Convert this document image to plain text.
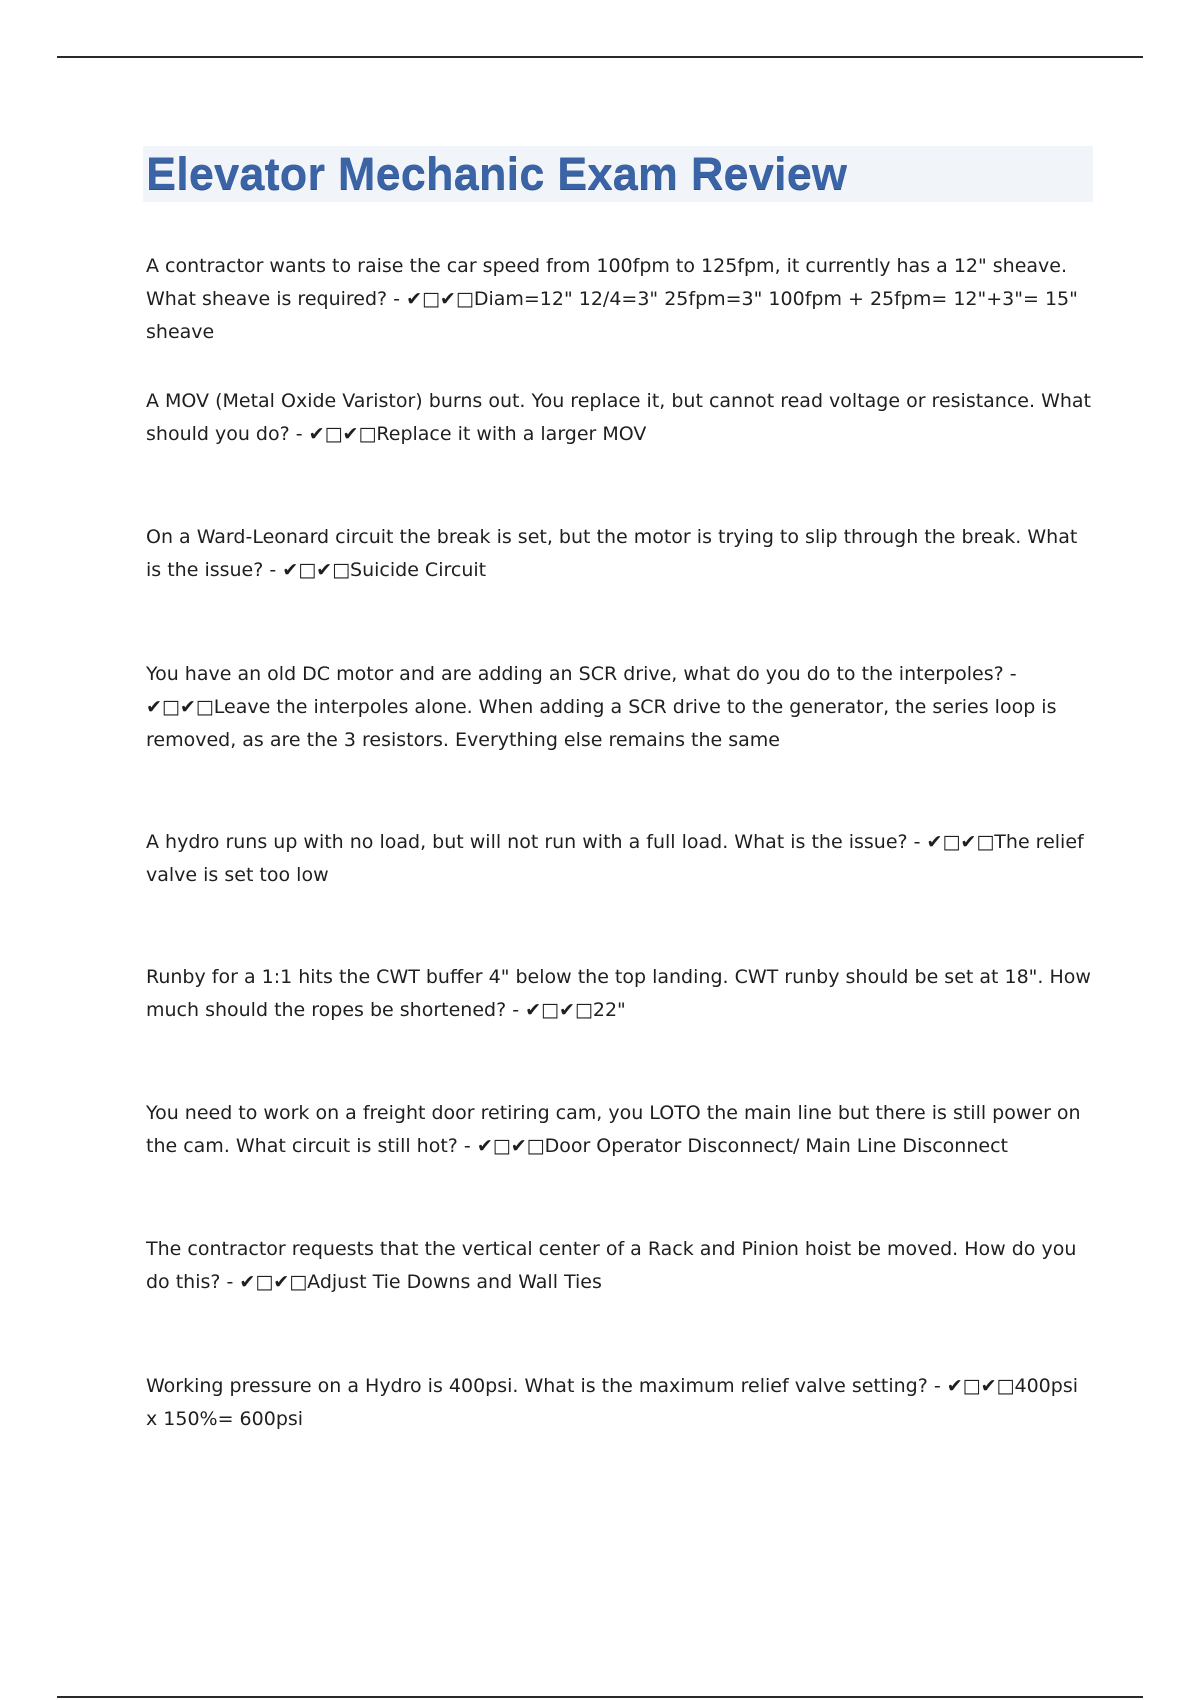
Elevator Mechanic Exam Review

A contractor wants to raise the car speed from 100fpm to 125fpm, it currently has a 12" sheave. What sheave is required? - ✔□✔□Diam=12" 12/4=3" 25fpm=3" 100fpm + 25fpm= 12"+3"= 15" sheave

A MOV (Metal Oxide Varistor) burns out. You replace it, but cannot read voltage or resistance. What should you do? - ✔□✔□Replace it with a larger MOV

On a Ward-Leonard circuit the break is set, but the motor is trying to slip through the break. What is the issue? - ✔□✔□Suicide Circuit

You have an old DC motor and are adding an SCR drive, what do you do to the interpoles? - ✔□✔□Leave the interpoles alone. When adding a SCR drive to the generator, the series loop is removed, as are the 3 resistors. Everything else remains the same

A hydro runs up with no load, but will not run with a full load. What is the issue? - ✔□✔□The relief valve is set too low

Runby for a 1:1 hits the CWT buffer 4" below the top landing. CWT runby should be set at 18". How much should the ropes be shortened? - ✔□✔□22"

You need to work on a freight door retiring cam, you LOTO the main line but there is still power on the cam. What circuit is still hot? - ✔□✔□Door Operator Disconnect/ Main Line Disconnect

The contractor requests that the vertical center of a Rack and Pinion hoist be moved. How do you do this? - ✔□✔□Adjust Tie Downs and Wall Ties

Working pressure on a Hydro is 400psi. What is the maximum relief valve setting? - ✔□✔□400psi x 150%= 600psi
